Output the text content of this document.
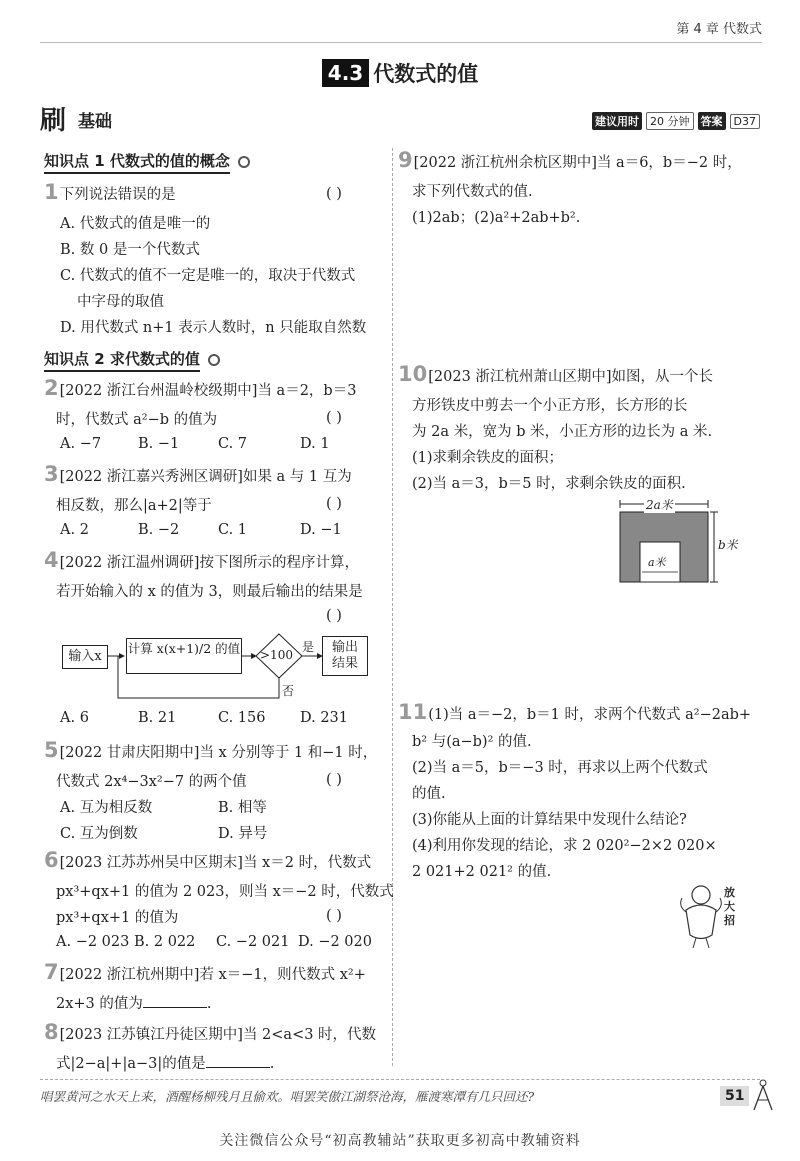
第 4 章 代数式
4.3 代数式的值
刷 基础	建议用时	20 分钟	答案	D37
知识点 1 代数式的值的概念
1下列说法错误的是	( )
A. 代数式的值是唯一的
B. 数 0 是一个代数式
C. 代数式的值不一定是唯一的，取决于代数式
中字母的取值
D. 用代数式 n+1 表示人数时，n 只能取自然数
知识点 2 求代数式的值
2[2022 浙江台州温岭校级期中]当 a＝2，b＝3
时，代数式 a²−b 的值为	( )
A. −7	B. −1	C. 7	D. 1
3[2022 浙江嘉兴秀洲区调研]如果 a 与 1 互为
相反数，那么|a+2|等于	( )
A. 2	B. −2	C. 1	D. −1
4[2022 浙江温州调研]按下图所示的程序计算，
若开始输入的 x 的值为 3，则最后输出的结果是
( )
输入x
计算 x(x+1)/2 的值 >100
是
否
输出结果
A. 6	B. 21	C. 156 D. 231
5[2022 甘肃庆阳期中]当 x 分别等于 1 和−1 时，
代数式 2x⁴−3x²−7 的两个值	( )
A. 互为相反数	B. 相等
C. 互为倒数	D. 异号
6[2023 江苏苏州吴中区期末]当 x＝2 时，代数式
px³+qx+1 的值为 2 023，则当 x＝−2 时，代数式
px³+qx+1 的值为	( )
A. −2 023 B. 2 022 C. −2 021 D. −2 020
7[2022 浙江杭州期中]若 x＝−1，则代数式 x²+
2x+3 的值为	.
8[2023 江苏镇江丹徒区期中]当 2<a<3 时，代数
式|2−a|+|a−3|的值是	.
9[2022 浙江杭州余杭区期中]当 a＝6，b＝−2 时，
求下列代数式的值.
(1)2ab；(2)a²+2ab+b².
10[2023 浙江杭州萧山区期中]如图，从一个长
方形铁皮中剪去一个小正方形，长方形的长
为 2a 米，宽为 b 米，小正方形的边长为 a 米.
(1)求剩余铁皮的面积；
(2)当 a＝3，b＝5 时，求剩余铁皮的面积.
2a米
b米
a米
11(1)当 a＝−2，b＝1 时，求两个代数式 a²−2ab+
b² 与(a−b)² 的值.
(2)当 a＝5，b＝−3 时，再求以上两个代数式
的值.
(3)你能从上面的计算结果中发现什么结论?
(4)利用你发现的结论，求 2 020²−2×2 020×
2 021+2 021² 的值.
放大招
唱罢黄河之水天上来，酒醒杨柳残月且偷欢。唱罢笑傲江湖祭沧海，雁渡寒潭有几只回还?	51
关注微信公众号“初高教辅站”获取更多初高中教辅资料
